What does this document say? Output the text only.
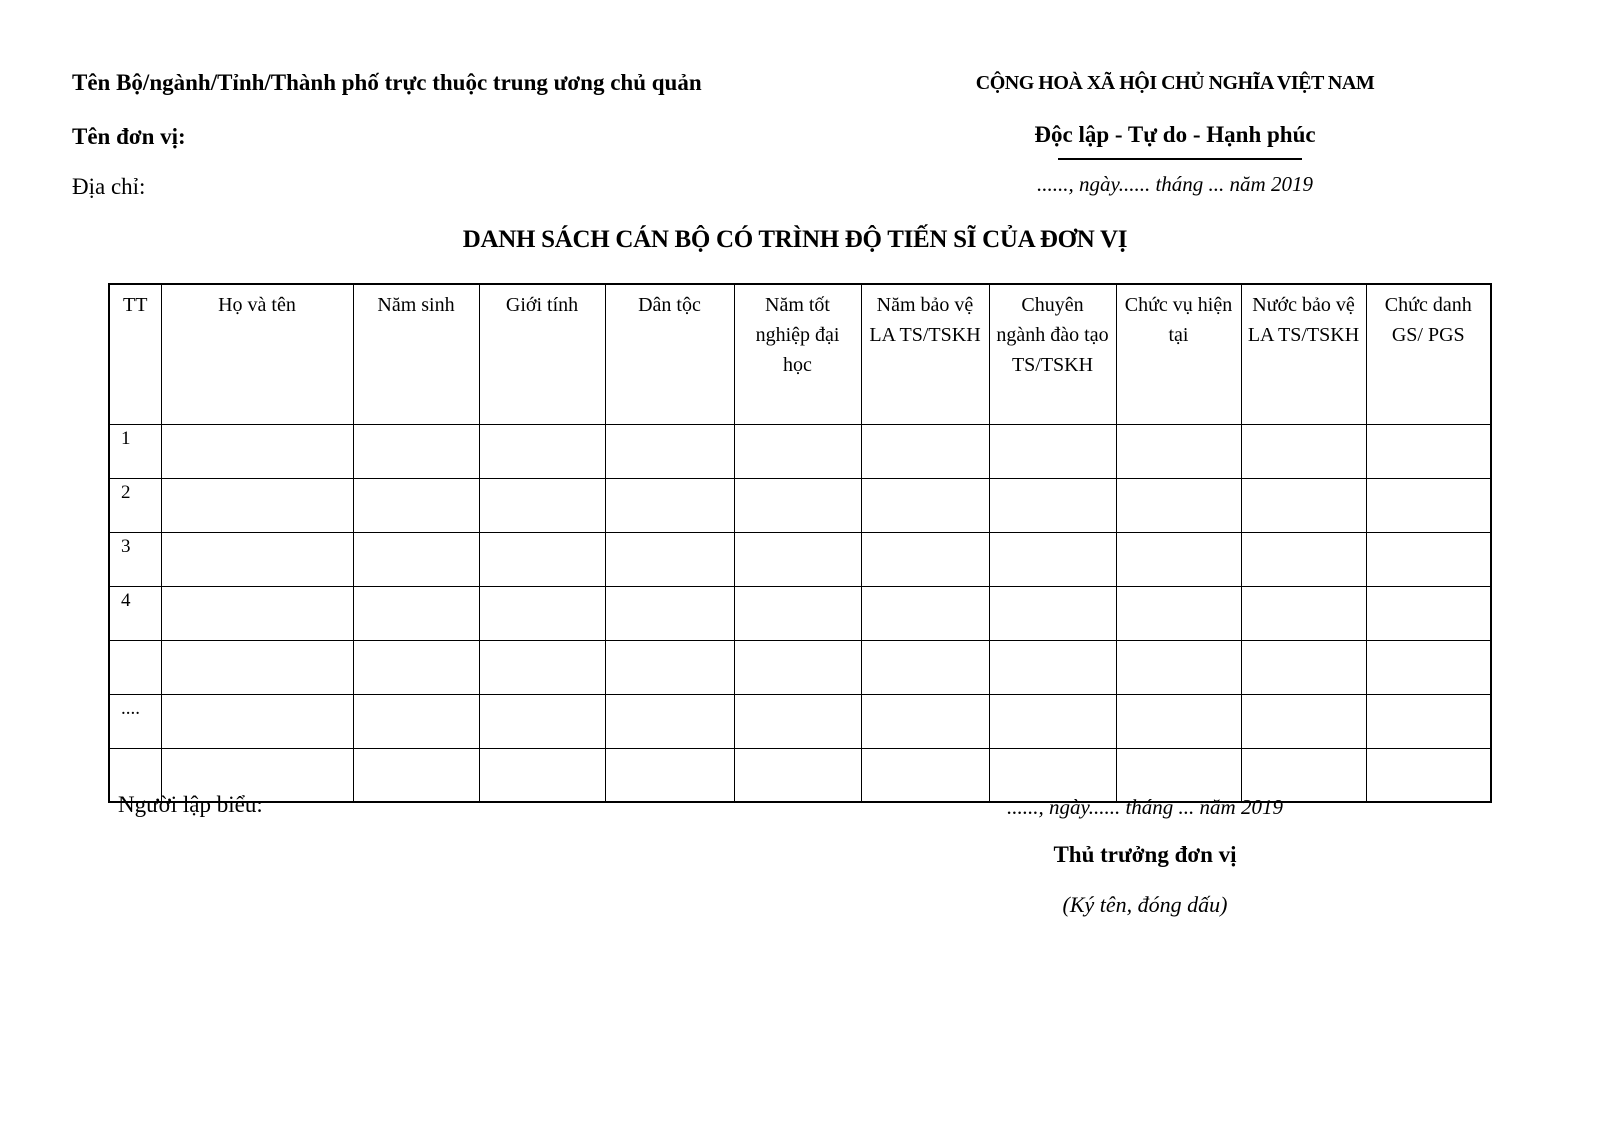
Tên Bộ/ngành/Tỉnh/Thành phố trực thuộc trung ương chủ quản
Tên đơn vị:
Địa chỉ:
CỘNG HOÀ XÃ HỘI CHỦ NGHĨA VIỆT NAM
Độc lập - Tự do - Hạnh phúc
......, ngày...... tháng ... năm 2019
DANH SÁCH CÁN BỘ CÓ TRÌNH ĐỘ TIẾN SĨ CỦA ĐƠN VỊ
TT	Họ và tên	Năm sinh	Giới tính	Dân tộc	Năm tốt nghiệp đại học	Năm bảo vệ LA TS/TSKH	Chuyên ngành đào tạo TS/TSKH	Chức vụ hiện tại	Nước bảo vệ LA TS/TSKH	Chức danh GS/ PGS
1										
2										
3										
4										

....										

Người lập biểu:	......, ngày...... tháng ... năm 2019
Thủ trưởng đơn vị
(Ký tên, đóng dấu)
